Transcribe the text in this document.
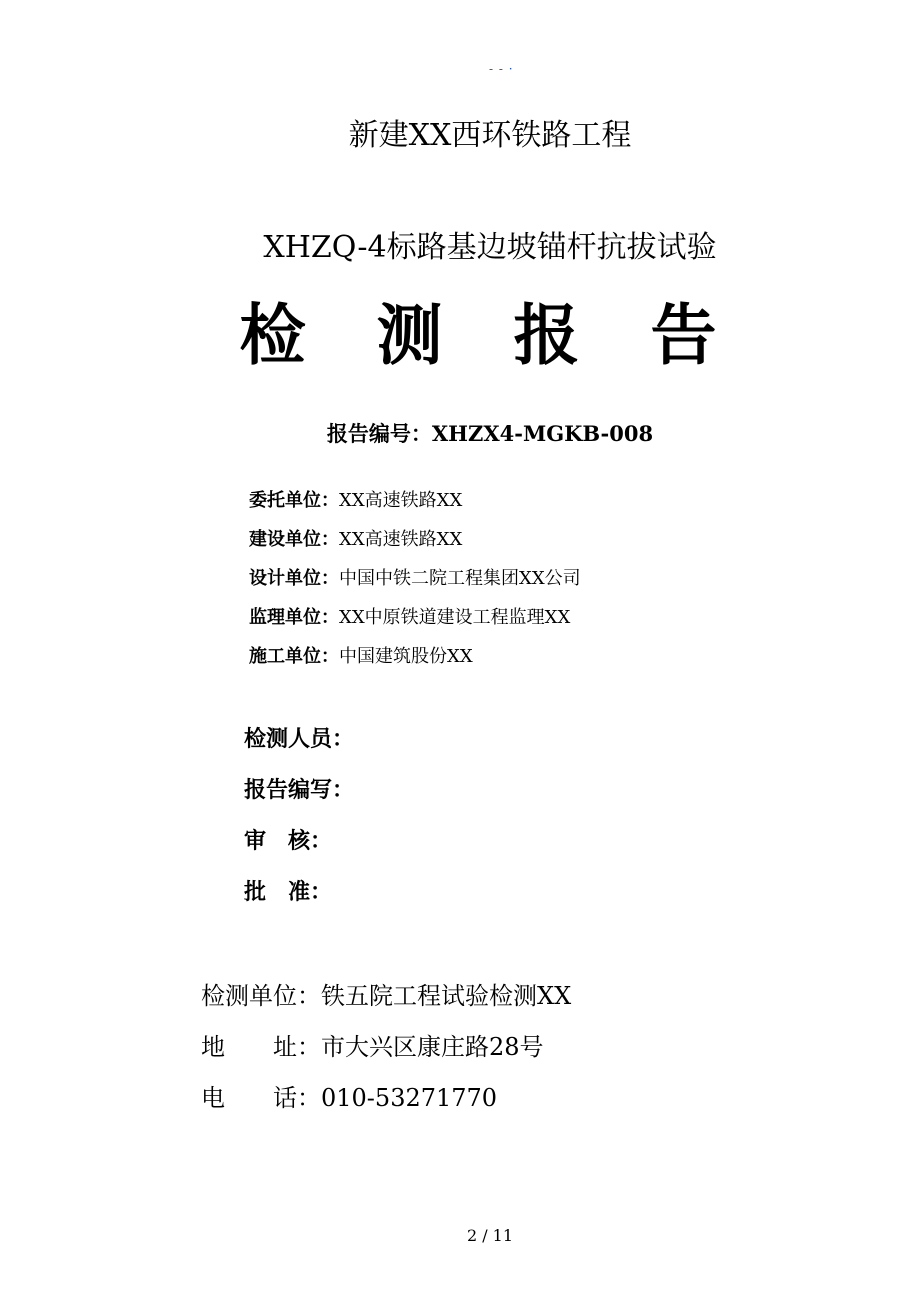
- - ·
新建XX西环铁路工程
XHZQ-4标路基边坡锚杆抗拔试验
检 测 报 告
报告编号：XHZX4-MGKB-008
委托单位：XX高速铁路XX
建设单位：XX高速铁路XX
设计单位：中国中铁二院工程集团XX公司
监理单位：XX中原铁道建设工程监理XX
施工单位：中国建筑股份XX
检测人员：
报告编写：
审　核：
批　准：
检测单位：铁五院工程试验检测XX
地　　址：市大兴区康庄路28号
电　　话：010-53271770
2 / 11
